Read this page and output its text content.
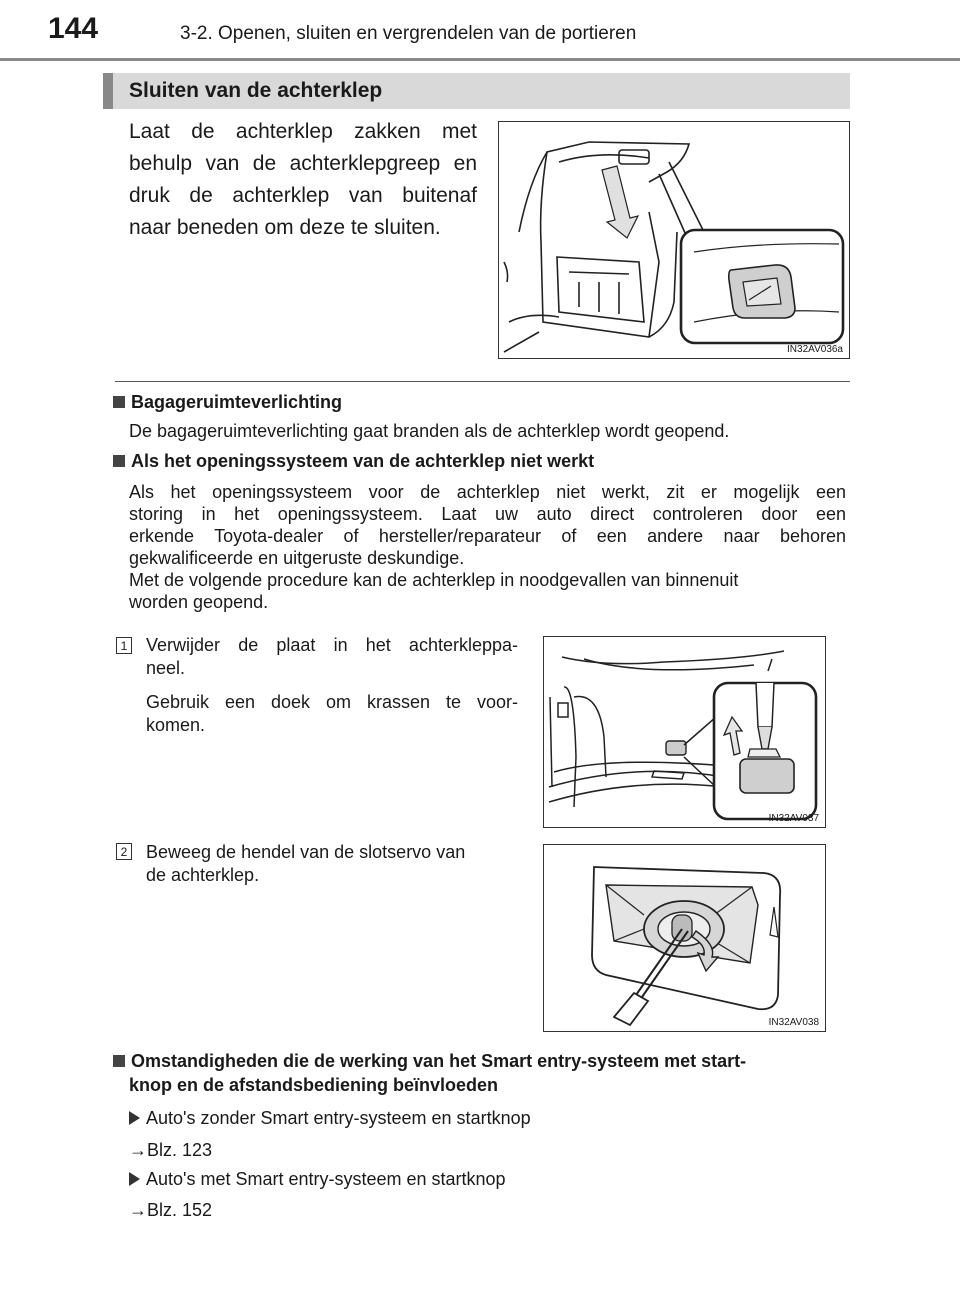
144	3-2. Openen, sluiten en vergrendelen van de portieren
Sluiten van de achterklep
Laat de achterklep zakken met
behulp van de achterklepgreep en
druk de achterklep van buitenaf
naar beneden om deze te sluiten.
IN32AV036a
Bagageruimteverlichting
De bagageruimteverlichting gaat branden als de achterklep wordt geopend.
Als het openingssysteem van de achterklep niet werkt
Als het openingssysteem voor de achterklep niet werkt, zit er mogelijk een
storing in het openingssysteem. Laat uw auto direct controleren door een
erkende Toyota-dealer of hersteller/reparateur of een andere naar behoren
gekwalificeerde en uitgeruste deskundige.
Met de volgende procedure kan de achterklep in noodgevallen van binnenuit
worden geopend.
1 Verwijder de plaat in het achterkleppa-
neel.
Gebruik een doek om krassen te voor-
komen.
IN32AV037
2 Beweeg de hendel van de slotservo van
de achterklep.
IN32AV038
Omstandigheden die de werking van het Smart entry-systeem met start-
knop en de afstandsbediening beïnvloeden
Auto's zonder Smart entry-systeem en startknop
→Blz. 123
Auto's met Smart entry-systeem en startknop
→Blz. 152
